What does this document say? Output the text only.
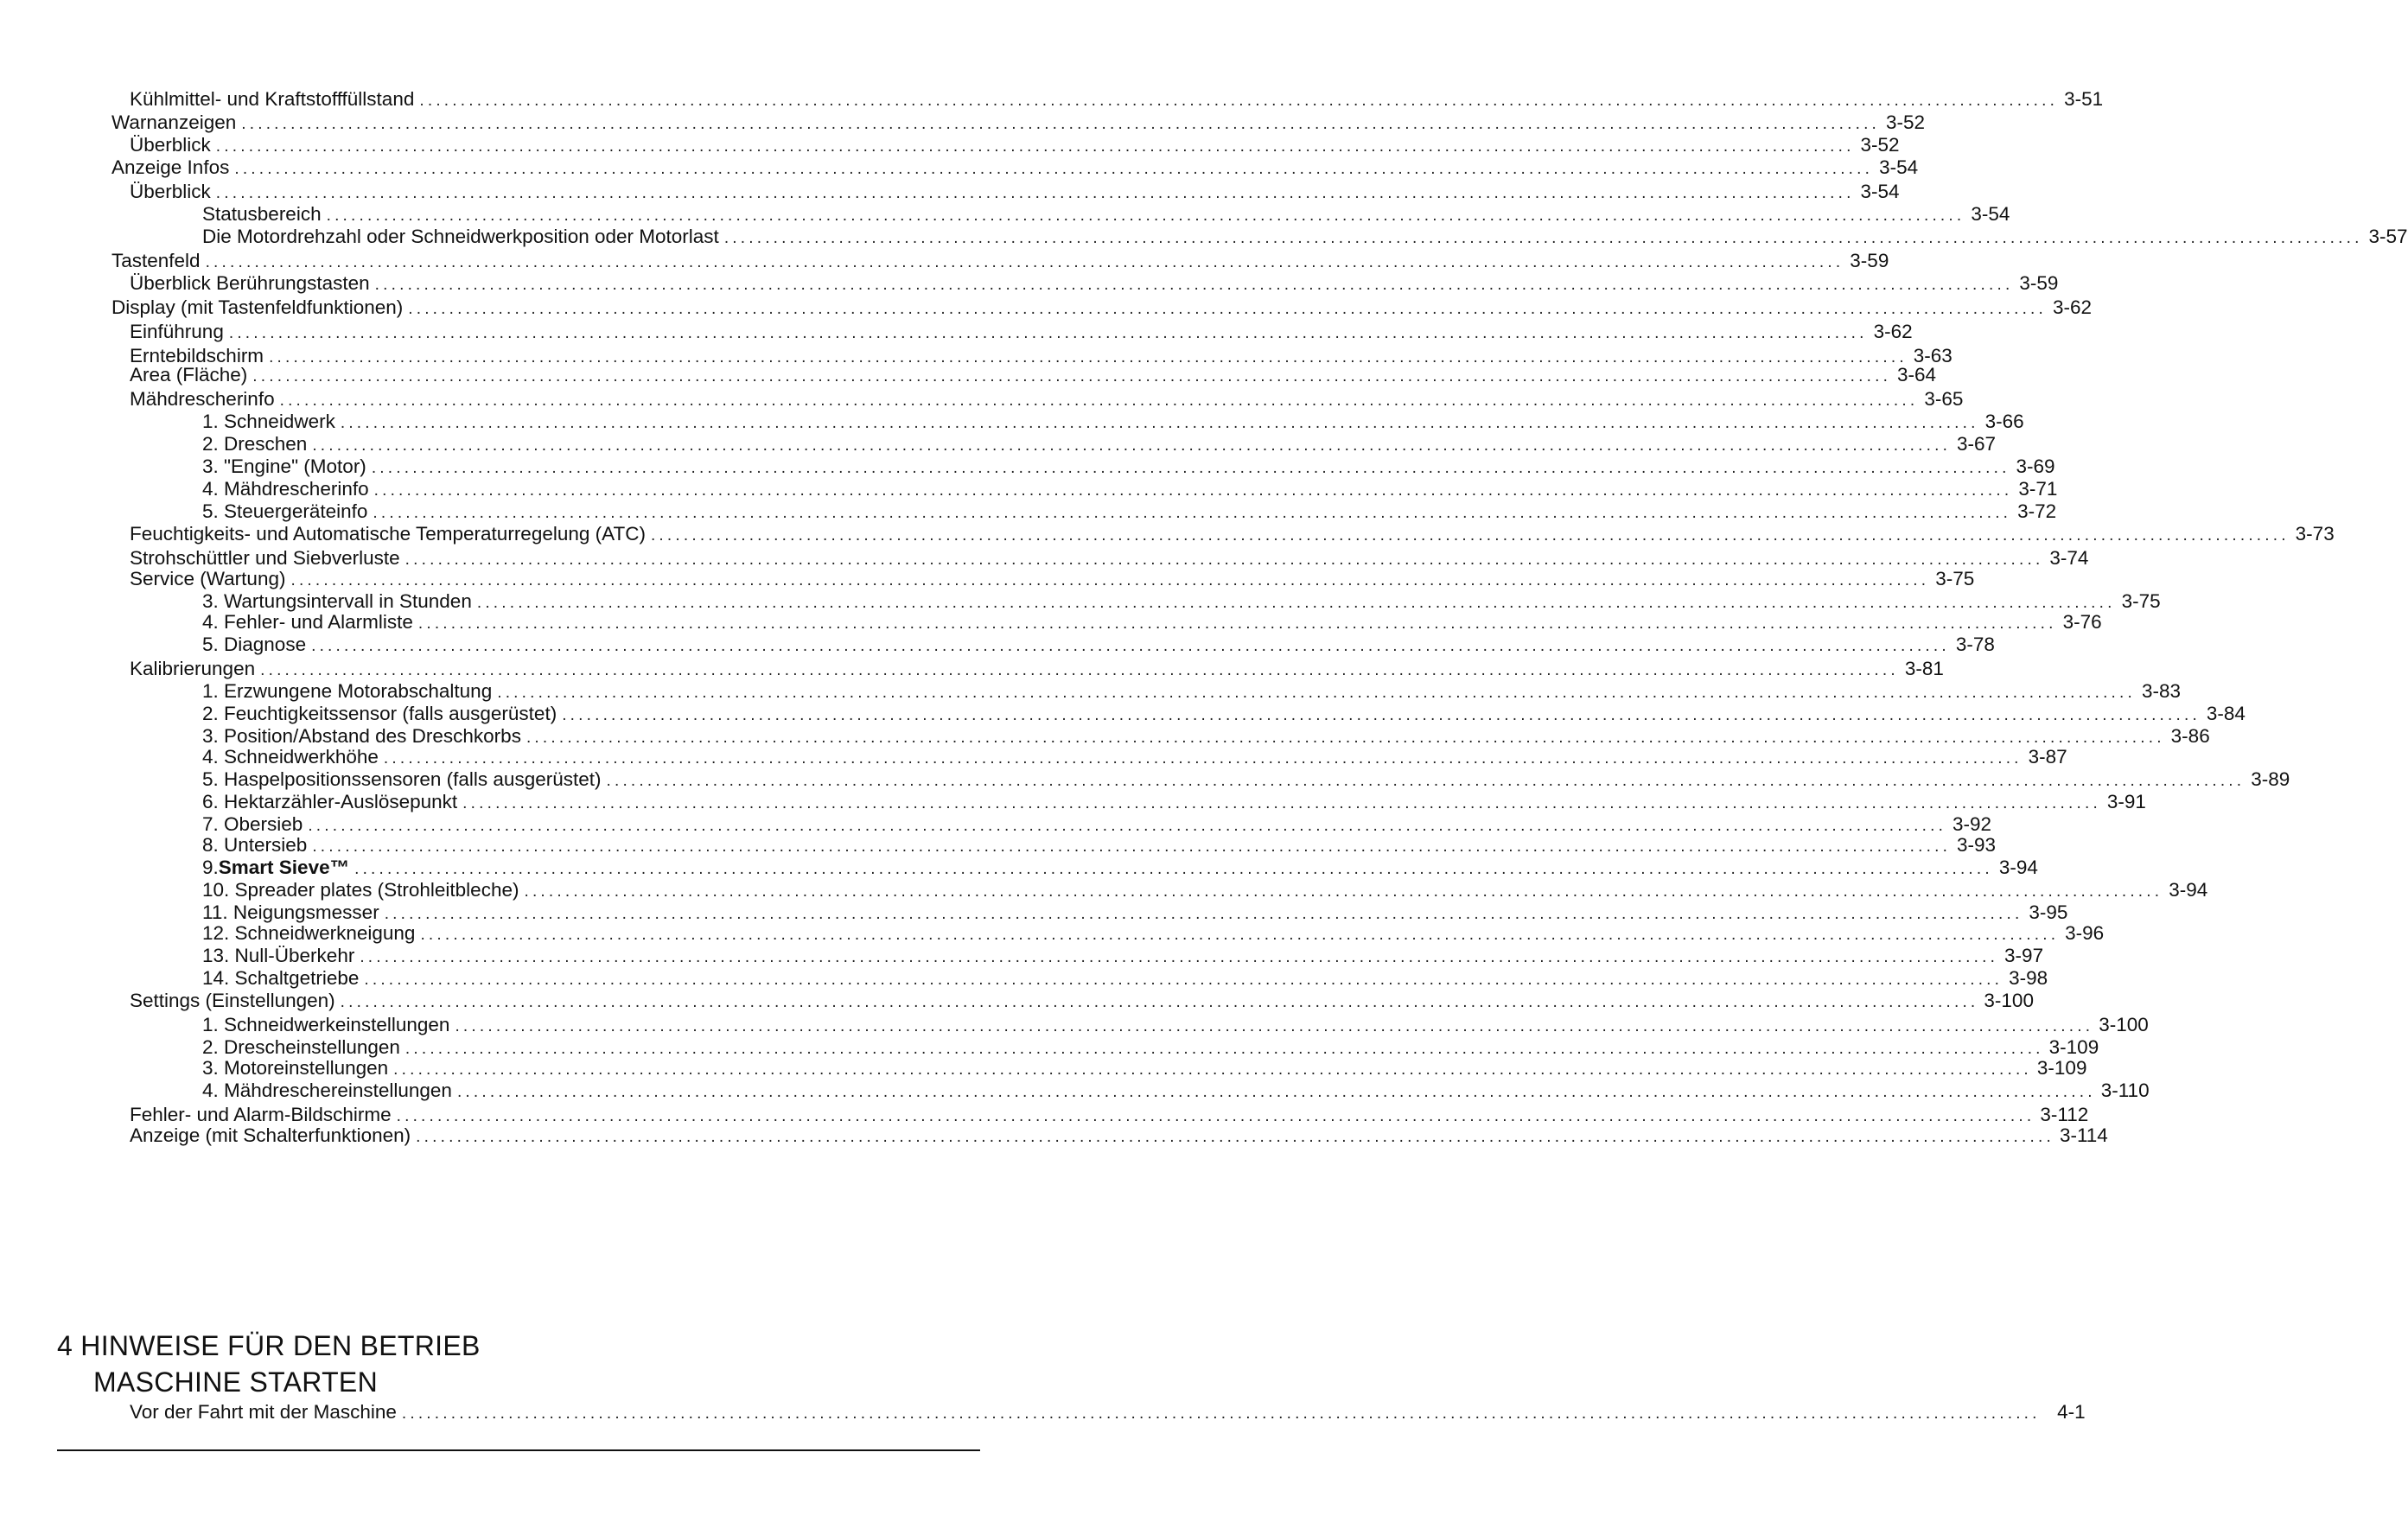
4 HINWEISE FÜR DEN BETRIEB
MASCHINE STARTEN
Kühlmittel- und Kraftstofffüllstand ........................................................................................................................................................................................................ 3-51
Warnanzeigen ........................................................................................................................................................................................................ 3-52
Überblick ........................................................................................................................................................................................................ 3-52
Anzeige Infos ........................................................................................................................................................................................................ 3-54
Überblick ........................................................................................................................................................................................................ 3-54
Statusbereich ........................................................................................................................................................................................................ 3-54
Die Motordrehzahl oder Schneidwerkposition oder Motorlast ........................................................................................................................................................................................................ 3-57
Tastenfeld ........................................................................................................................................................................................................ 3-59
Überblick Berührungstasten ........................................................................................................................................................................................................ 3-59
Display (mit Tastenfeldfunktionen) ........................................................................................................................................................................................................ 3-62
Einführung ........................................................................................................................................................................................................ 3-62
Erntebildschirm ........................................................................................................................................................................................................ 3-63
Area (Fläche) ........................................................................................................................................................................................................ 3-64
Mähdrescherinfo ........................................................................................................................................................................................................ 3-65
1. Schneidwerk ........................................................................................................................................................................................................ 3-66
2. Dreschen ........................................................................................................................................................................................................ 3-67
3. "Engine" (Motor) ........................................................................................................................................................................................................ 3-69
4. Mähdrescherinfo ........................................................................................................................................................................................................ 3-71
5. Steuergeräteinfo ........................................................................................................................................................................................................ 3-72
Feuchtigkeits- und Automatische Temperaturregelung (ATC) ........................................................................................................................................................................................................ 3-73
Strohschüttler und Siebverluste ........................................................................................................................................................................................................ 3-74
Service (Wartung) ........................................................................................................................................................................................................ 3-75
3. Wartungsintervall in Stunden ........................................................................................................................................................................................................ 3-75
4. Fehler- und Alarmliste ........................................................................................................................................................................................................ 3-76
5. Diagnose ........................................................................................................................................................................................................ 3-78
Kalibrierungen ........................................................................................................................................................................................................ 3-81
1. Erzwungene Motorabschaltung ........................................................................................................................................................................................................ 3-83
2. Feuchtigkeitssensor (falls ausgerüstet) ........................................................................................................................................................................................................ 3-84
3. Position/Abstand des Dreschkorbs ........................................................................................................................................................................................................ 3-86
4. Schneidwerkhöhe ........................................................................................................................................................................................................ 3-87
5. Haspelpositionssensoren (falls ausgerüstet) ........................................................................................................................................................................................................ 3-89
6. Hektarzähler-Auslösepunkt ........................................................................................................................................................................................................ 3-91
7. Obersieb ........................................................................................................................................................................................................ 3-92
8. Untersieb ........................................................................................................................................................................................................ 3-93
9.Smart Sieve™ ........................................................................................................................................................................................................ 3-94
10. Spreader plates (Strohleitbleche) ........................................................................................................................................................................................................ 3-94
11. Neigungsmesser ........................................................................................................................................................................................................ 3-95
12. Schneidwerkneigung ........................................................................................................................................................................................................ 3-96
13. Null-Überkehr ........................................................................................................................................................................................................ 3-97
14. Schaltgetriebe ........................................................................................................................................................................................................ 3-98
Settings (Einstellungen) ........................................................................................................................................................................................................ 3-100
1. Schneidwerkeinstellungen ........................................................................................................................................................................................................ 3-100
2. Drescheinstellungen ........................................................................................................................................................................................................ 3-109
3. Motoreinstellungen ........................................................................................................................................................................................................ 3-109
4. Mähdreschereinstellungen ........................................................................................................................................................................................................ 3-110
Fehler- und Alarm-Bildschirme ........................................................................................................................................................................................................ 3-112
Anzeige (mit Schalterfunktionen) ........................................................................................................................................................................................................ 3-114
Vor der Fahrt mit der Maschine ........................................................................................................................................................................................................ 4-1
